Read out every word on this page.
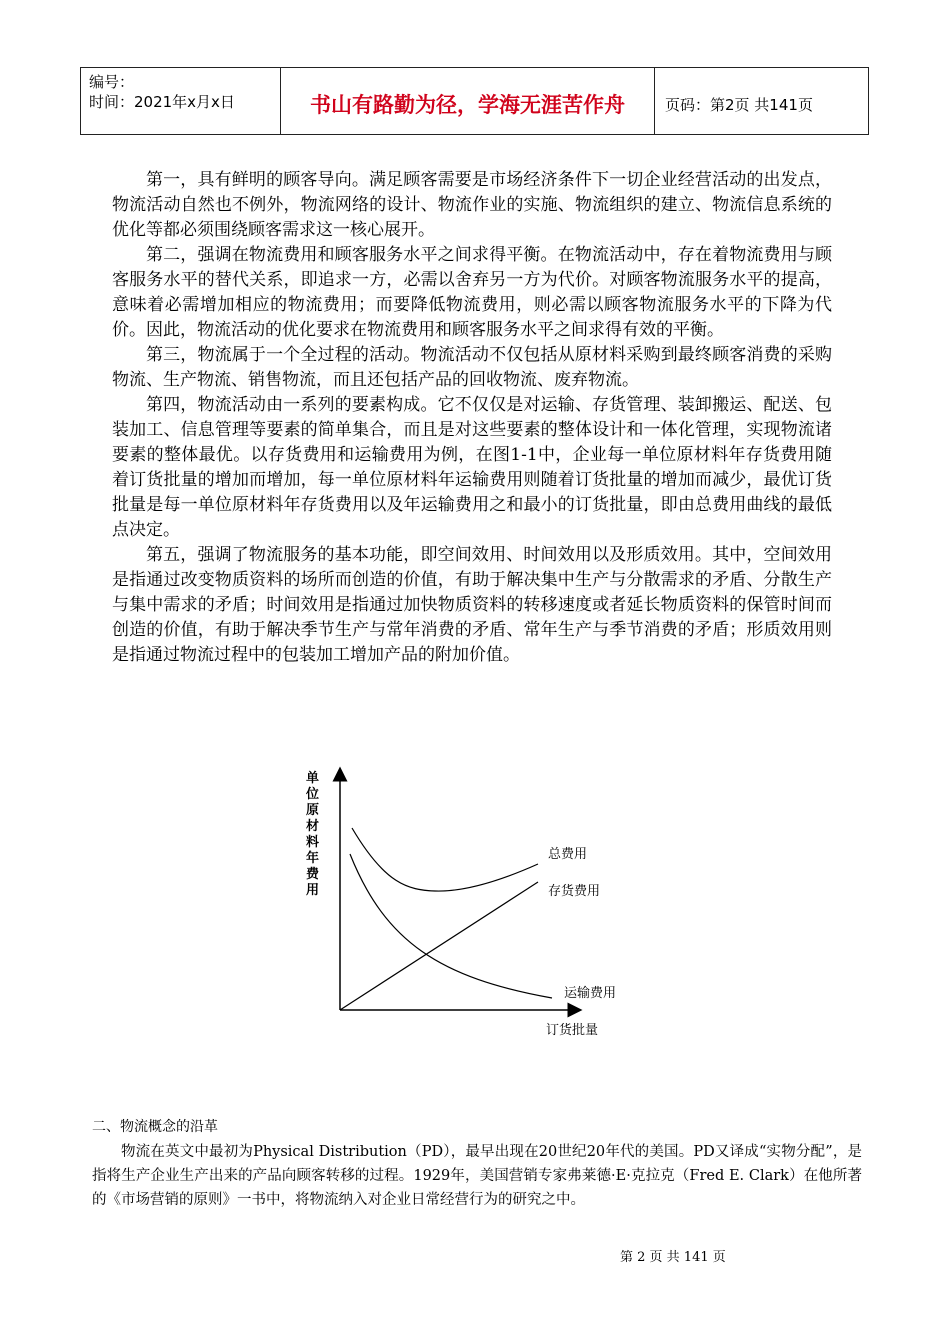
编号：
时间：2021年x月x日	书山有路勤为径，学海无涯苦作舟	页码：第2页 共141页

第一，具有鲜明的顾客导向。满足顾客需要是市场经济条件下一切企业经营活动的出发点，物流活动自然也不例外，物流网络的设计、物流作业的实施、物流组织的建立、物流信息系统的优化等都必须围绕顾客需求这一核心展开。

第二，强调在物流费用和顾客服务水平之间求得平衡。在物流活动中，存在着物流费用与顾客服务水平的替代关系，即追求一方，必需以舍弃另一方为代价。对顾客物流服务水平的提高，意味着必需增加相应的物流费用；而要降低物流费用，则必需以顾客物流服务水平的下降为代价。因此，物流活动的优化要求在物流费用和顾客服务水平之间求得有效的平衡。

第三，物流属于一个全过程的活动。物流活动不仅包括从原材料采购到最终顾客消费的采购物流、生产物流、销售物流，而且还包括产品的回收物流、废弃物流。

第四，物流活动由一系列的要素构成。它不仅仅是对运输、存货管理、装卸搬运、配送、包装加工、信息管理等要素的简单集合，而且是对这些要素的整体设计和一体化管理，实现物流诸要素的整体最优。以存货费用和运输费用为例，在图1-1中，企业每一单位原材料年存货费用随着订货批量的增加而增加，每一单位原材料年运输费用则随着订货批量的增加而减少，最优订货批量是每一单位原材料年存货费用以及年运输费用之和最小的订货批量，即由总费用曲线的最低点决定。

第五，强调了物流服务的基本功能，即空间效用、时间效用以及形质效用。其中，空间效用是指通过改变物质资料的场所而创造的价值，有助于解决集中生产与分散需求的矛盾、分散生产与集中需求的矛盾；时间效用是指通过加快物质资料的转移速度或者延长物质资料的保管时间而创造的价值，有助于解决季节生产与常年消费的矛盾、常年生产与季节消费的矛盾；形质效用则是指通过物流过程中的包装加工增加产品的附加价值。

单位原材料年费用
总费用
存货费用
运输费用
订货批量
二、物流概念的沿革

物流在英文中最初为Physical Distribution（PD），最早出现在20世纪20年代的美国。PD又译成“实物分配”，是指将生产企业生产出来的产品向顾客转移的过程。1929年，美国营销专家弗莱德·E·克拉克（Fred E. Clark）在他所著的《市场营销的原则》一书中，将物流纳入对企业日常经营行为的研究之中。

第 2 页 共 141 页
